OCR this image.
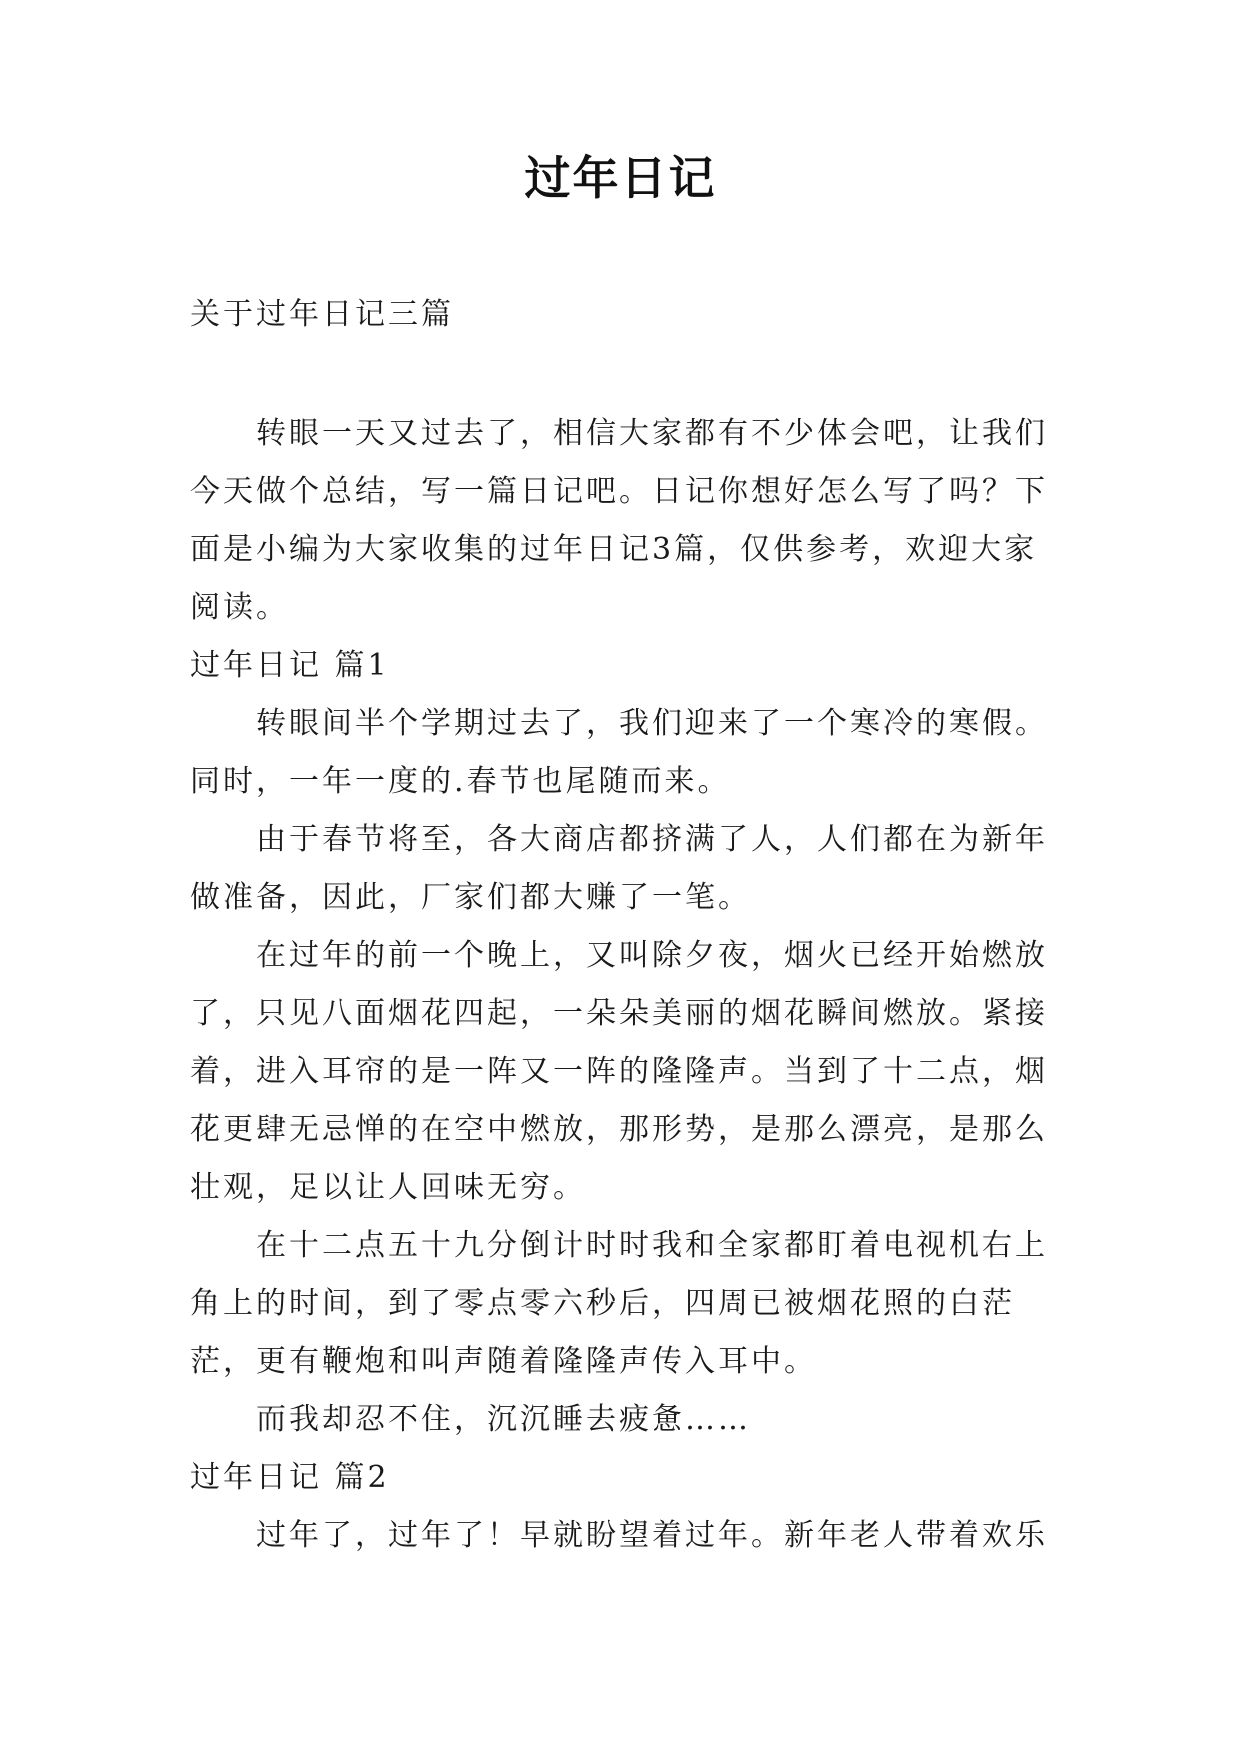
过年日记
关于过年日记三篇

转眼一天又过去了，相信大家都有不少体会吧，让我们今天做个总结，写一篇日记吧。日记你想好怎么写了吗？下面是小编为大家收集的过年日记3篇，仅供参考，欢迎大家阅读。

过年日记 篇1

转眼间半个学期过去了，我们迎来了一个寒冷的寒假。同时，一年一度的.春节也尾随而来。

由于春节将至，各大商店都挤满了人，人们都在为新年做准备，因此，厂家们都大赚了一笔。

在过年的前一个晚上，又叫除夕夜，烟火已经开始燃放了，只见八面烟花四起，一朵朵美丽的烟花瞬间燃放。紧接着，进入耳帘的是一阵又一阵的隆隆声。当到了十二点，烟花更肆无忌惮的在空中燃放，那形势，是那么漂亮，是那么壮观，足以让人回味无穷。

在十二点五十九分倒计时时我和全家都盯着电视机右上角上的时间，到了零点零六秒后，四周已被烟花照的白茫茫，更有鞭炮和叫声随着隆隆声传入耳中。

而我却忍不住，沉沉睡去疲惫……

过年日记 篇2

过年了，过年了！早就盼望着过年。新年老人带着欢乐
